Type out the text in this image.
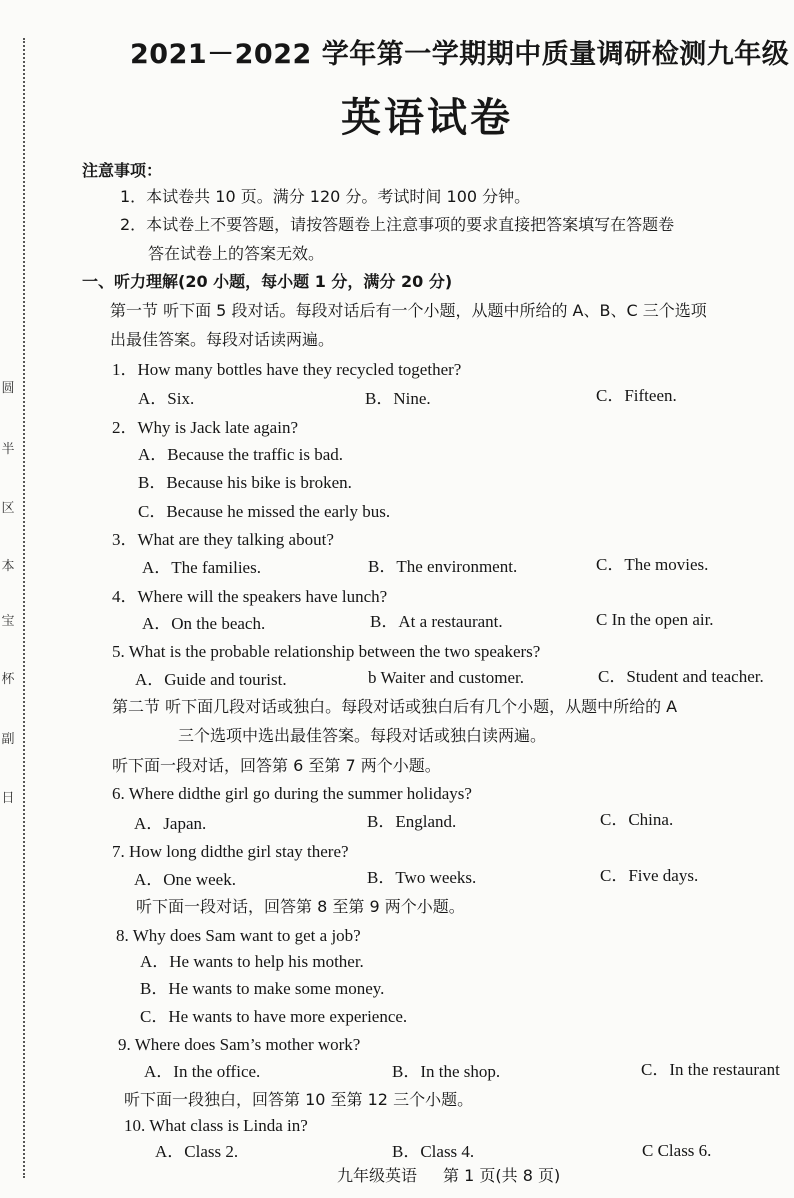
圆
半
区
本
宝
杯
副
日
2021－2022 学年第一学期期中质量调研检测九年级
英语试卷
注意事项：
1．本试卷共 10 页。满分 120 分。考试时间 100 分钟。
2．本试卷上不要答题，请按答题卷上注意事项的要求直接把答案填写在答题卷
答在试卷上的答案无效。
一、听力理解(20 小题，每小题 1 分，满分 20 分)
第一节 听下面 5 段对话。每段对话后有一个小题，从题中所给的 A、B、C 三个选项
出最佳答案。每段对话读两遍。
1．How many bottles have they recycled together?
A．Six.	B．Nine.	C．Fifteen.
2．Why is Jack late again?
A．Because the traffic is bad.
B．Because his bike is broken.
C．Because he missed the early bus.
3．What are they talking about?
A．The families.	B．The environment.	C．The movies.
4．Where will the speakers have lunch?
A．On the beach.	B．At a restaurant.	C In the open air.
5. What is the probable relationship between the two speakers?
A．Guide and tourist.	b Waiter and customer.	C．Student and teacher.
第二节 听下面几段对话或独白。每段对话或独白后有几个小题，从题中所给的 A
三个选项中选出最佳答案。每段对话或独白读两遍。
听下面一段对话，回答第 6 至第 7 两个小题。
6. Where didthe girl go during the summer holidays?
A．Japan.	B．England.	C．China.
7. How long didthe girl stay there?
A．One week.	B．Two weeks.	C．Five days.
听下面一段对话，回答第 8 至第 9 两个小题。
8. Why does Sam want to get a job?
A．He wants to help his mother.
B．He wants to make some money.
C．He wants to have more experience.
9. Where does Sam’s mother work?
A．In the office.	B．In the shop.	C．In the restaurant
听下面一段独白，回答第 10 至第 12 三个小题。
10. What class is Linda in?
A．Class 2.	B．Class 4.	C Class 6.
九年级英语 第 1 页(共 8 页)
